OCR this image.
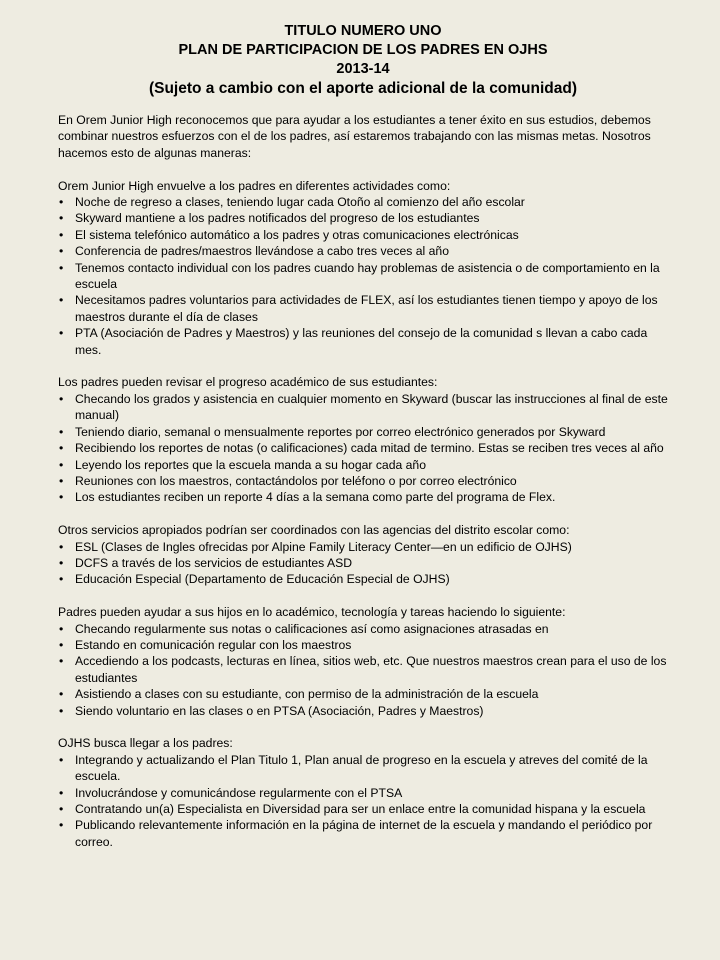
TITULO NUMERO UNO
PLAN DE PARTICIPACION DE LOS PADRES EN OJHS
2013-14
(Sujeto a cambio con el aporte adicional de la comunidad)

En Orem Junior High reconocemos que para ayudar a los estudiantes a tener éxito en sus estudios, debemos combinar nuestros esfuerzos con el de los padres, así estaremos trabajando con las mismas metas. Nosotros hacemos esto de algunas maneras:

Orem Junior High envuelve a los padres en diferentes actividades como:

• Noche de regreso a clases, teniendo lugar cada Otoño al comienzo del año escolar
• Skyward mantiene a los padres notificados del progreso de los estudiantes
• El sistema telefónico automático a los padres y otras comunicaciones electrónicas
• Conferencia de padres/maestros llevándose a cabo tres veces al año
• Tenemos contacto individual con los padres cuando hay problemas de asistencia o de comportamiento en la escuela
• Necesitamos padres voluntarios para actividades de FLEX, así los estudiantes tienen tiempo y apoyo de los maestros durante el día de clases
• PTA (Asociación de Padres y Maestros) y las reuniones del consejo de la comunidad s llevan a cabo cada mes.

Los padres pueden revisar el progreso académico de sus estudiantes:

• Checando los grados y asistencia en cualquier momento en Skyward (buscar las instrucciones al final de este manual)
• Teniendo diario, semanal o mensualmente reportes por correo electrónico generados por Skyward
• Recibiendo los reportes de notas (o calificaciones) cada mitad de termino. Estas se reciben tres veces al año
• Leyendo los reportes que la escuela manda a su hogar cada año
• Reuniones con los maestros, contactándolos por teléfono o por correo electrónico
• Los estudiantes reciben un reporte 4 días a la semana como parte del programa de Flex.

Otros servicios apropiados podrían ser coordinados con las agencias del distrito escolar como:

• ESL (Clases de Ingles ofrecidas por Alpine Family Literacy Center—en un edificio de OJHS)
• DCFS a través de los servicios de estudiantes ASD
• Educación Especial (Departamento de Educación Especial de OJHS)

Padres pueden ayudar a sus hijos en lo académico, tecnología y tareas haciendo lo siguiente:

• Checando regularmente sus notas o calificaciones así como asignaciones atrasadas en
• Estando en comunicación regular con los maestros
• Accediendo a los podcasts, lecturas en línea, sitios web, etc. Que nuestros maestros crean para el uso de los estudiantes
• Asistiendo a clases con su estudiante, con permiso de la administración de la escuela
• Siendo voluntario en las clases o en PTSA (Asociación, Padres y Maestros)

OJHS busca llegar a los padres:

• Integrando y actualizando el Plan Titulo 1, Plan anual de progreso en la escuela y atreves del comité de la escuela.
• Involucrándose y comunicándose regularmente con el PTSA
• Contratando un(a) Especialista en Diversidad para ser un enlace entre la comunidad hispana y la escuela
• Publicando relevantemente información en la página de internet de la escuela y mandando el periódico por correo.
